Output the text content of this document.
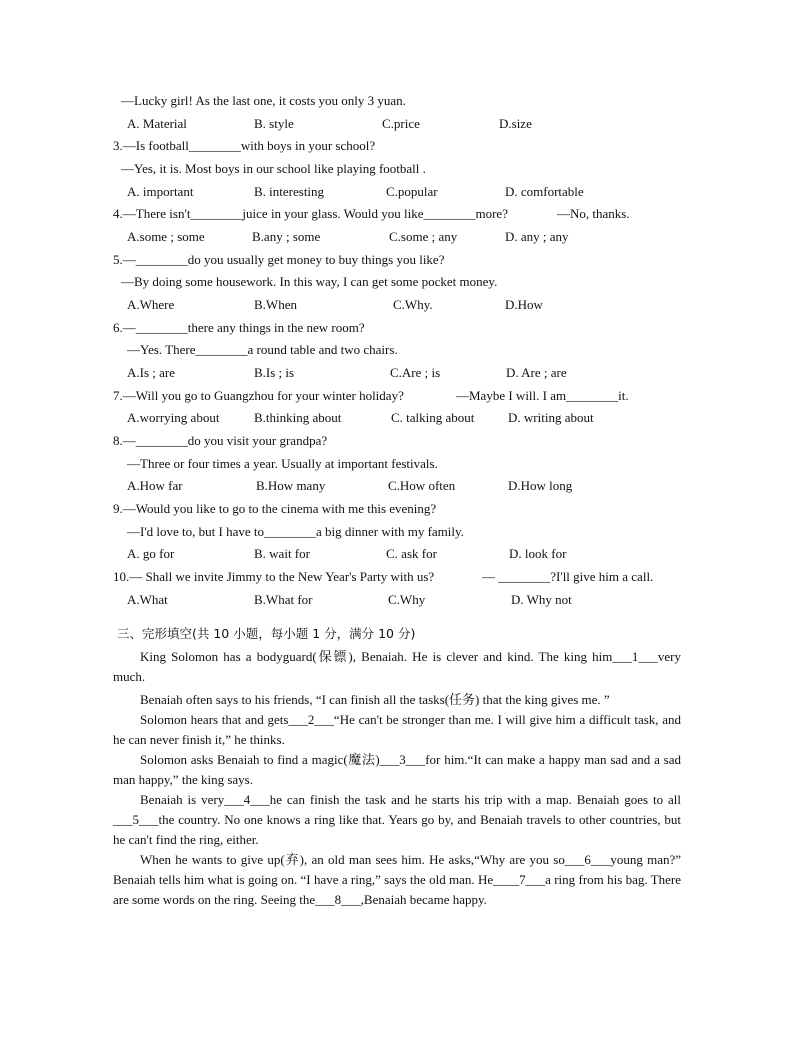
—Lucky girl! As the last one, it costs you only 3 yuan.
A. Material	B. style	C.price	D.size
3.—Is football________with boys in your school?
—Yes, it is. Most boys in our school like playing football .
A. important	B. interesting	C.popular	D. comfortable
4.—There isn't________juice in your glass. Would you like________more?	—No, thanks.
A.some ; some	B.any ; some	C.some ; any	D. any ; any
5.—________do you usually get money to buy things you like?
—By doing some housework. In this way, I can get some pocket money.
A.Where	B.When	C.Why.	D.How
6.—________there any things in the new room?
—Yes. There________a round table and two chairs.
A.Is ; are	B.Is ; is	C.Are ; is	D. Are ; are
7.—Will you go to Guangzhou for your winter holiday?	—Maybe I will. I am________it.
A.worrying about	B.thinking about	C. talking about	D. writing about
8.—________do you visit your grandpa?
—Three or four times a year. Usually at important festivals.
A.How far	B.How many	C.How often	D.How long
9.—Would you like to go to the cinema with me this evening?
—I'd love to, but I have to________a big dinner with my family.
A. go for	B. wait for	C. ask for	D. look for
10.— Shall we invite Jimmy to the New Year's Party with us?	— ________?I'll give him a call.
A.What	B.What for	C.Why	D. Why not
三、完形填空(共 10 小题，每小题 1 分，满分 10 分)
King Solomon has a bodyguard(保镖), Benaiah. He is clever and kind. The king him___1___very much.
Benaiah often says to his friends, “I can finish all the tasks(任务) that the king gives me. ”
Solomon hears that and gets___2___“He can't be stronger than me. I will give him a difficult task, and he can never finish it,” he thinks.
Solomon asks Benaiah to find a magic(魔法)___3___for him.“It can make a happy man sad and a sad man happy,” the king says.
Benaiah is very___4___he can finish the task and he starts his trip with a map. Benaiah goes to all ___5___the country. No one knows a ring like that. Years go by, and Benaiah travels to other countries, but he can't find the ring, either.
When he wants to give up(弃), an old man sees him. He asks,“Why are you so___6___young man?” Benaiah tells him what is going on. “I have a ring,” says the old man. He____7___a ring from his bag. There are some words on the ring. Seeing the___8___,Benaiah became happy.
